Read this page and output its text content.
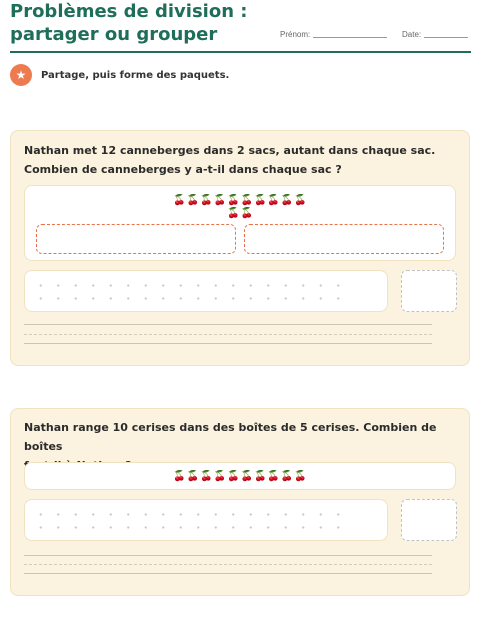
Problèmes de division :
partager ou grouper	Prénom:	Date:
★	Partage, puis forme des paquets.
Nathan met 12 canneberges dans 2 sacs, autant dans chaque sac.
Combien de canneberges y a-t-il dans chaque sac ?
🍒 🍒 🍒 🍒 🍒 🍒 🍒 🍒 🍒 🍒
🍒 🍒
Nathan range 10 cerises dans des boîtes de 5 cerises. Combien de boîtes
🍒 🍒 🍒 🍒 🍒 🍒 🍒 🍒 🍒 🍒
